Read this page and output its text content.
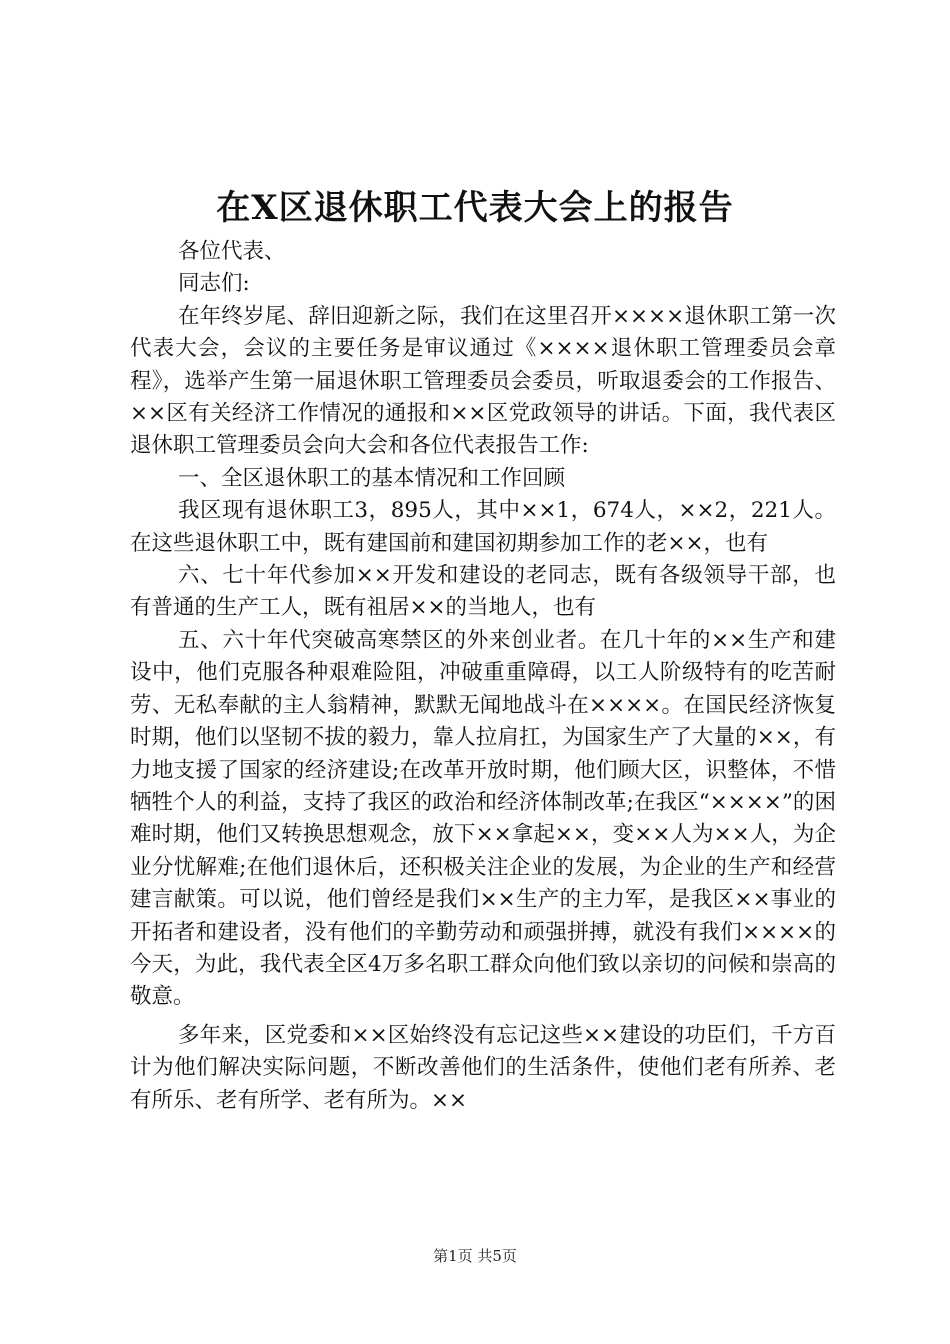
在X区退休职工代表大会上的报告

各位代表、

同志们:

在年终岁尾、辞旧迎新之际，我们在这里召开××××退休职工第一次代表大会，会议的主要任务是审议通过《××××退休职工管理委员会章程》，选举产生第一届退休职工管理委员会委员，听取退委会的工作报告、××区有关经济工作情况的通报和××区党政领导的讲话。下面，我代表区退休职工管理委员会向大会和各位代表报告工作:

一、全区退休职工的基本情况和工作回顾

我区现有退休职工3，895人，其中××1，674人，××2，221人。在这些退休职工中，既有建国前和建国初期参加工作的老××，也有

六、七十年代参加××开发和建设的老同志，既有各级领导干部，也有普通的生产工人，既有祖居××的当地人，也有

五、六十年代突破高寒禁区的外来创业者。在几十年的××生产和建设中，他们克服各种艰难险阻，冲破重重障碍，以工人阶级特有的吃苦耐劳、无私奉献的主人翁精神，默默无闻地战斗在××××。在国民经济恢复时期，他们以坚韧不拔的毅力，靠人拉肩扛，为国家生产了大量的××，有力地支援了国家的经济建设;在改革开放时期，他们顾大区，识整体，不惜牺牲个人的利益，支持了我区的政治和经济体制改革;在我区“××××”的困难时期，他们又转换思想观念，放下××拿起××，变××人为××人，为企业分忧解难;在他们退休后，还积极关注企业的发展，为企业的生产和经营建言献策。可以说，他们曾经是我们××生产的主力军，是我区××事业的开拓者和建设者，没有他们的辛勤劳动和顽强拼搏，就没有我们××××的今天，为此，我代表全区4万多名职工群众向他们致以亲切的问候和崇高的敬意。

多年来，区党委和××区始终没有忘记这些××建设的功臣们，千方百计为他们解决实际问题，不断改善他们的生活条件，使他们老有所养、老有所乐、老有所学、老有所为。××

第1页 共5页
